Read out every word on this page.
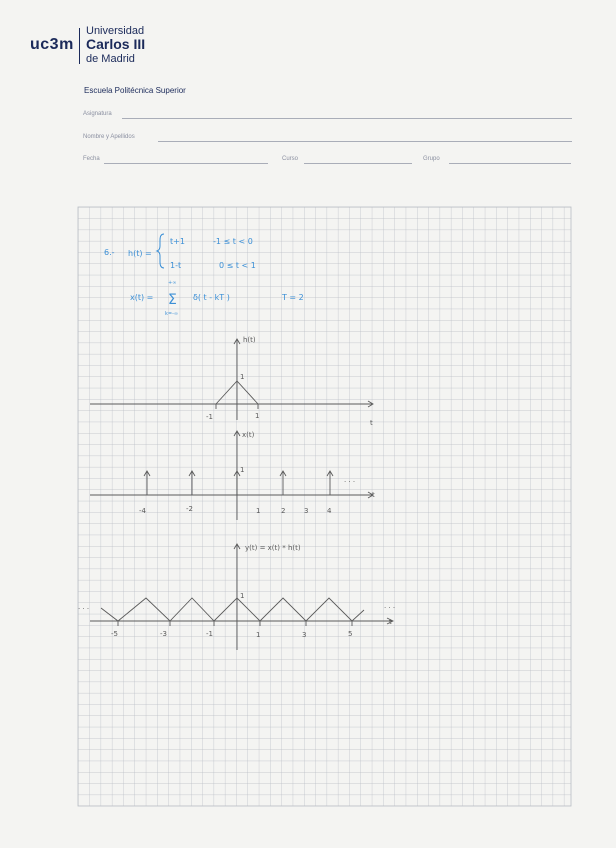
uc3m
Universidad
Carlos III
de Madrid
Escuela Politécnica Superior
Asignatura
Nombre y Apellidos
Fecha	Curso	Grupo
6.- h(t) =
t+1	-1 ≤ t < 0
1-t	0 ≤ t < 1
x(t) =
+∞
Σ
k=-∞
δ( t - kT )	T = 2
h(t)
1
-1	1
t
x(t)
1
· · ·
-4	-2	1	2	3	4
t
y(t) = x(t) * h(t)
1
· · ·	· · ·
-5	-3	-1	1	3	5
t
